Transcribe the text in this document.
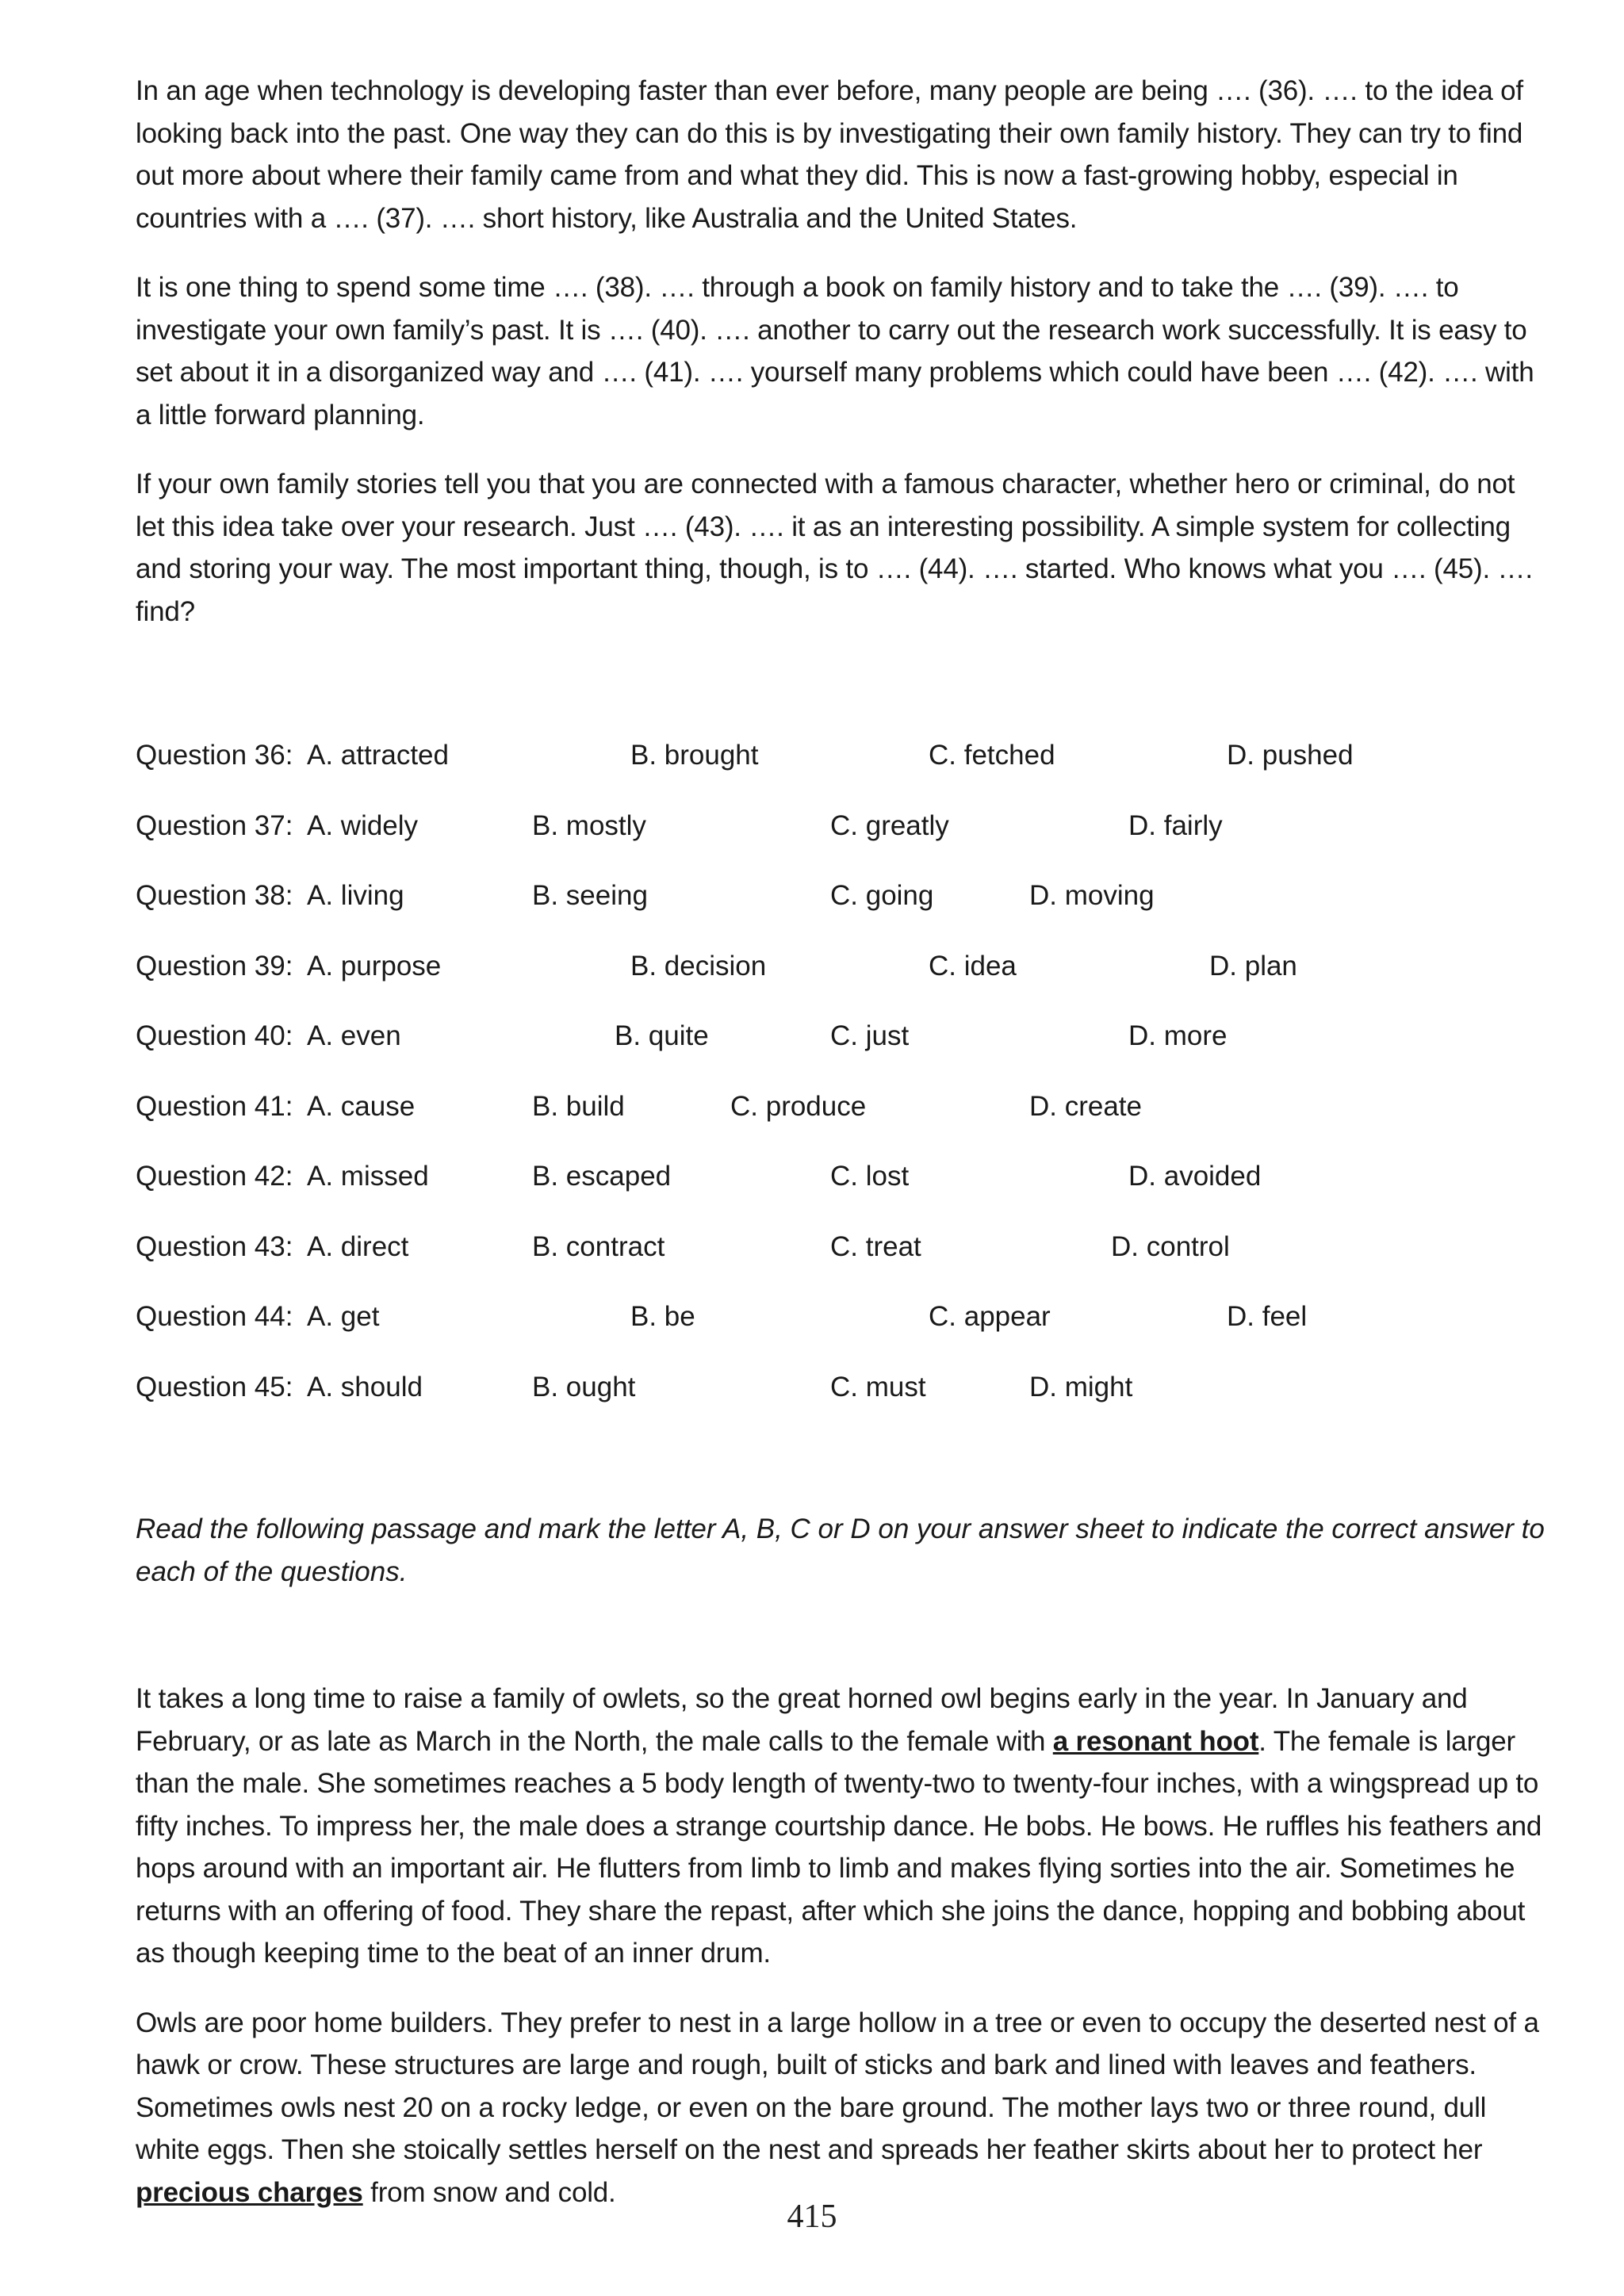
In an age when technology is developing faster than ever before, many people are being …. (36). …. to the idea of looking back into the past. One way they can do this is by investigating their own family history. They can try to find out more about where their family came from and what they did. This is now a fast-growing hobby, especial in countries with a …. (37). …. short history, like Australia and the United States.

It is one thing to spend some time …. (38). …. through a book on family history and to take the …. (39). …. to investigate your own family’s past. It is …. (40). …. another to carry out the research work successfully. It is easy to set about it in a disorganized way and …. (41). …. yourself many problems which could have been …. (42). …. with a little forward planning.

If your own family stories tell you that you are connected with a famous character, whether hero or criminal, do not let this idea take over your research. Just …. (43). …. it as an interesting possibility. A simple system for collecting and storing your way. The most important thing, though, is to …. (44). …. started. Who knows what you …. (45). …. find?

Question 36: A. attracted	B. brought	C. fetched	D. pushed
Question 37: A. widely	B. mostly	C. greatly	D. fairly
Question 38: A. living	B. seeing	C. going	D. moving
Question 39: A. purpose	B. decision	C. idea	D. plan
Question 40: A. even	B. quite	C. just	D. more
Question 41: A. cause	B. build	C. produce	D. create
Question 42: A. missed	B. escaped	C. lost	D. avoided
Question 43: A. direct	B. contract	C. treat	D. control
Question 44: A. get	B. be	C. appear	D. feel
Question 45: A. should	B. ought	C. must	D. might

Read the following passage and mark the letter A, B, C or D on your answer sheet to indicate the correct answer to each of the questions.

It takes a long time to raise a family of owlets, so the great horned owl begins early in the year. In January and February, or as late as March in the North, the male calls to the female with a resonant hoot. The female is larger than the male. She sometimes reaches a 5 body length of twenty-two to twenty-four inches, with a wingspread up to fifty inches. To impress her, the male does a strange courtship dance. He bobs. He bows. He ruffles his feathers and hops around with an important air. He flutters from limb to limb and makes flying sorties into the air. Sometimes he returns with an offering of food. They share the repast, after which she joins the dance, hopping and bobbing about as though keeping time to the beat of an inner drum.

Owls are poor home builders. They prefer to nest in a large hollow in a tree or even to occupy the deserted nest of a hawk or crow. These structures are large and rough, built of sticks and bark and lined with leaves and feathers. Sometimes owls nest 20 on a rocky ledge, or even on the bare ground. The mother lays two or three round, dull white eggs. Then she stoically settles herself on the nest and spreads her feather skirts about her to protect her precious charges from snow and cold.

415
